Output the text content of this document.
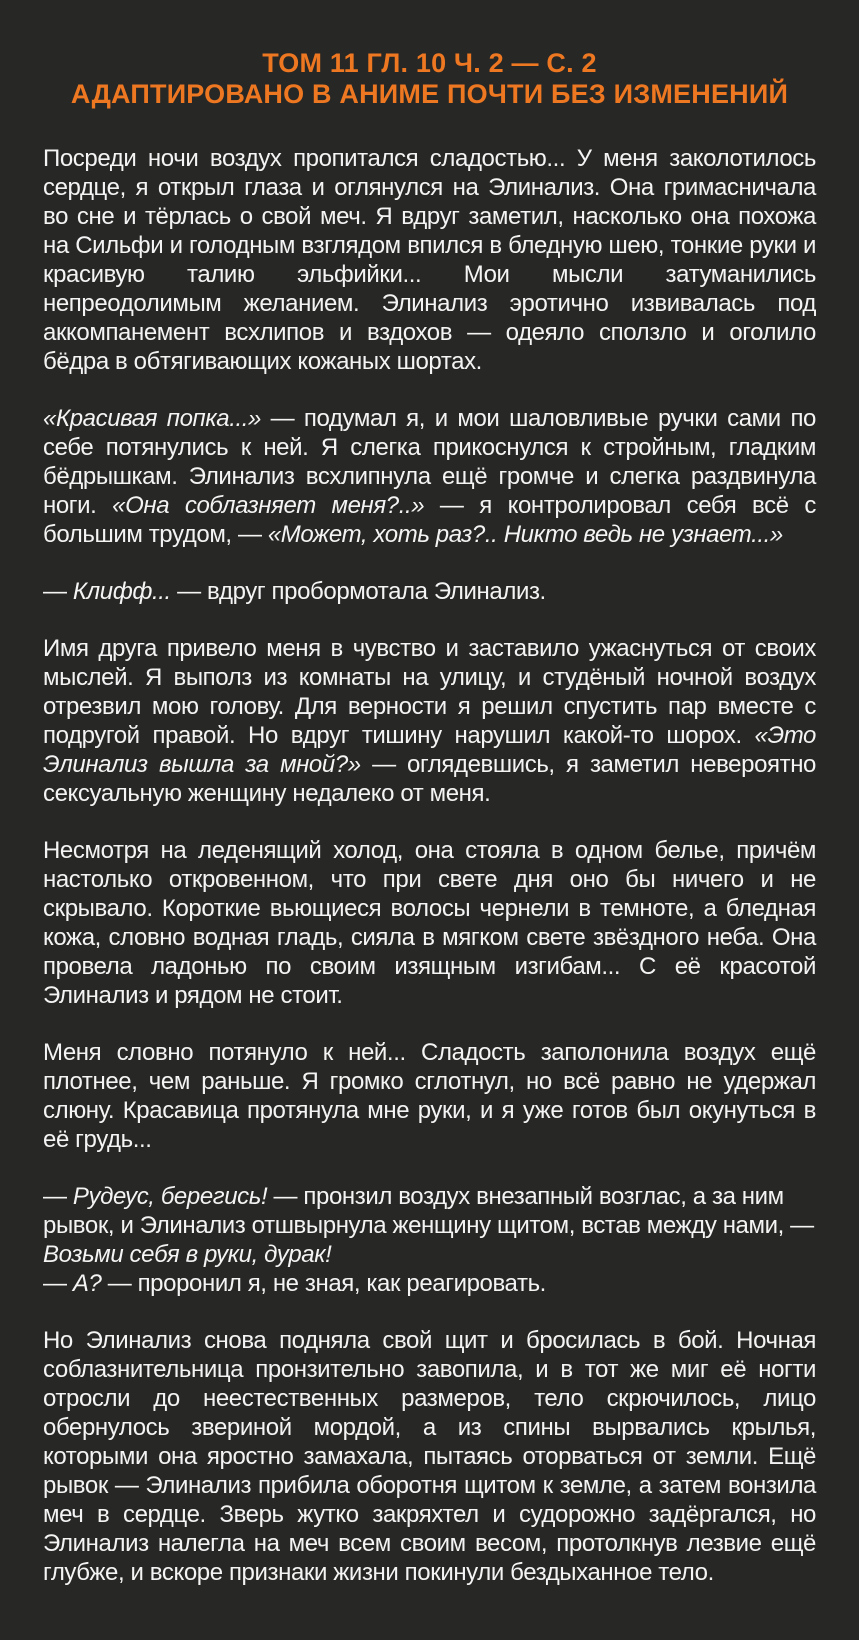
ТОМ 11 ГЛ. 10 Ч. 2 — С. 2
АДАПТИРОВАНО В АНИМЕ ПОЧТИ БЕЗ ИЗМЕНЕНИЙ

Посреди ночи воздух пропитался сладостью... У меня заколотилось сердце, я открыл глаза и оглянулся на Элинализ. Она гримасничала во сне и тёрлась о свой меч. Я вдруг заметил, насколько она похожа на Сильфи и голодным взглядом впился в бледную шею, тонкие руки и красивую талию эльфийки... Мои мысли затуманились непреодолимым желанием. Элинализ эротично извивалась под аккомпанемент всхлипов и вздохов — одеяло сползло и оголило бёдра в обтягивающих кожаных шортах.

«Красивая попка...» — подумал я, и мои шаловливые ручки сами по себе потянулись к ней. Я слегка прикоснулся к стройным, гладким бёдрышкам. Элинализ всхлипнула ещё громче и слегка раздвинула ноги. «Она соблазняет меня?..» — я контролировал себя всё с большим трудом, — «Может, хоть раз?.. Никто ведь не узнает...»

— Клифф... — вдруг пробормотала Элинализ.

Имя друга привело меня в чувство и заставило ужаснуться от своих мыслей. Я выполз из комнаты на улицу, и студёный ночной воздух отрезвил мою голову. Для верности я решил спустить пар вместе с подругой правой. Но вдруг тишину нарушил какой-то шорох. «Это Элинализ вышла за мной?» — оглядевшись, я заметил невероятно сексуальную женщину недалеко от меня.

Несмотря на леденящий холод, она стояла в одном белье, причём настолько откровенном, что при свете дня оно бы ничего и не скрывало. Короткие вьющиеся волосы чернели в темноте, а бледная кожа, словно водная гладь, сияла в мягком свете звёздного неба. Она провела ладонью по своим изящным изгибам... С её красотой Элинализ и рядом не стоит.

Меня словно потянуло к ней... Сладость заполонила воздух ещё плотнее, чем раньше. Я громко сглотнул, но всё равно не удержал слюну. Красавица протянула мне руки, и я уже готов был окунуться в её грудь...

— Рудеус, берегись! — пронзил воздух внезапный возглас, а за ним рывок, и Элинализ отшвырнула женщину щитом, встав между нами, — Возьми себя в руки, дурак!
— А? — проронил я, не зная, как реагировать.

Но Элинализ снова подняла свой щит и бросилась в бой. Ночная соблазнительница пронзительно завопила, и в тот же миг её ногти отросли до неестественных размеров, тело скрючилось, лицо обернулось звериной мордой, а из спины вырвались крылья, которыми она яростно замахала, пытаясь оторваться от земли. Ещё рывок — Элинализ прибила оборотня щитом к земле, а затем вонзила меч в сердце. Зверь жутко закряхтел и судорожно задёргался, но Элинализ налегла на меч всем своим весом, протолкнув лезвие ещё глубже, и вскоре признаки жизни покинули бездыханное тело.
